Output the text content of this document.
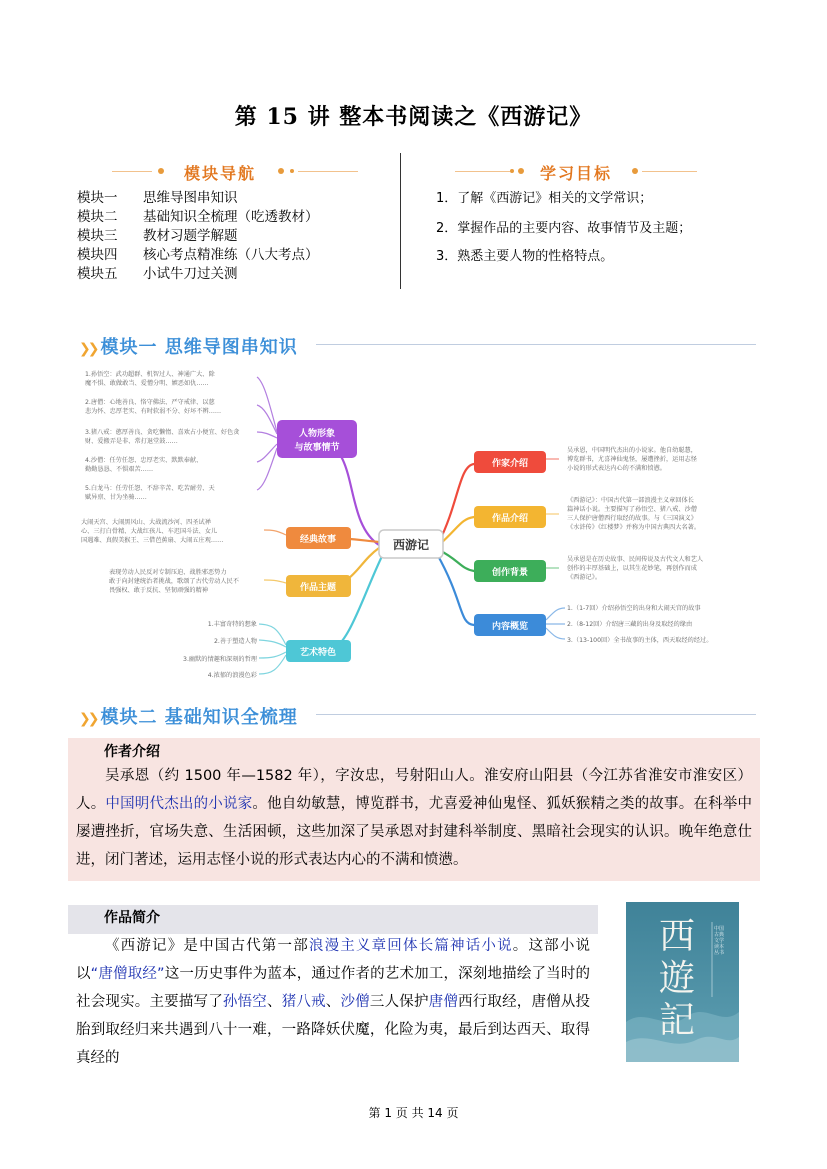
第 15 讲 整本书阅读之《西游记》
模块导航
模块一 思维导图串知识
模块二 基础知识全梳理（吃透教材）
模块三 教材习题学解题
模块四 核心考点精准练（八大考点）
模块五 小试牛刀过关测
学习目标
1．了解《西游记》相关的文学常识；
2．掌握作品的主要内容、故事情节及主题；
3．熟悉主要人物的性格特点。
❯❯ 模块一 思维导图串知识
西游记
人物形象
与故事情节
经典故事
作品主题
艺术特色
作家介绍
作品介绍
创作背景
内容概览
1.孙悟空：武功超群、机智过人、神通广大、除
魔不惧、敢做敢当、爱憎分明、嫉恶如仇……
2.唐僧：心地善良、恪守佛法、严守戒律、以慈
悲为怀、忠厚老实、有时软弱不分、好坏不辨……
3.猪八戒：憨厚善良、贪吃懒惰、喜欢占小便宜、好色贪
财、爱搬弄是非、常打退堂鼓……
4.沙僧：任劳任怨、忠厚老实、默默奉献、
勤勤恳恳、不惧艰苦……
5.白龙马：任劳任怨、不辞辛苦、吃苦耐劳、天
赋异禀、甘为坐骑……
大闹天宫、大闹黑风山、大战流沙河、四圣试禅
心、三打白骨精、大战红孩儿、车迟国斗法、女儿
国遇难、真假美猴王、三借芭蕉扇、大闹五庄观……
表现劳动人民反对专制压迫、战胜邪恶势力
敢于向封建统治者挑战，歌颂了古代劳动人民不
畏强权、敢于反抗、坚韧顽强的精神
1.丰富奇特的想象
2.善于塑造人物
3.幽默的情趣和深刻的哲理
4.浓郁的浪漫色彩
吴承恩，中国明代杰出的小说家。他自幼聪慧，
博览群书，尤喜神仙鬼怪，屡遭挫折，运用志怪
小说的形式表达内心的不满和愤懑。
《西游记》：中国古代第一部浪漫主义章回体长
篇神话小说。主要描写了孙悟空、猪八戒、沙僧
三人保护唐僧西行取经的故事。与《三国演义》
《水浒传》《红楼梦》并称为中国古典四大名著。
吴承恩是在历史故事、民间传说及古代文人和艺人
创作的丰厚基础上，以其生花妙笔，再创作而成
《西游记》。
1.（1-7回）介绍孙悟空的出身和大闹天宫的故事
2.（8-12回）介绍唐三藏的出身及取经的缘由
3.（13-100回）全书故事的主体，西天取经的经过。
❯❯ 模块二 基础知识全梳理
作者介绍
吴承恩（约 1500 年—1582 年），字汝忠，号射阳山人。淮安府山阳县（今江苏省淮安市淮安区）人。中国明代杰出的小说家。他自幼敏慧，博览群书，尤喜爱神仙鬼怪、狐妖猴精之类的故事。在科举中屡遭挫折，官场失意、生活困顿，这些加深了吴承恩对封建科举制度、黑暗社会现实的认识。晚年绝意仕进，闭门著述，运用志怪小说的形式表达内心的不满和愤懑。
作品简介
《西游记》是中国古代第一部浪漫主义章回体长篇神话小说。这部小说以“唐僧取经”这一历史事件为蓝本，通过作者的艺术加工，深刻地描绘了当时的社会现实。主要描写了孙悟空、猪八戒、沙僧三人保护唐僧西行取经，唐僧从投胎到取经归来共遇到八十一难，一路降妖伏魔，化险为夷，最后到达西天、取得真经的
西遊記
中国古典文学读本丛书
第 1 页 共 14 页
